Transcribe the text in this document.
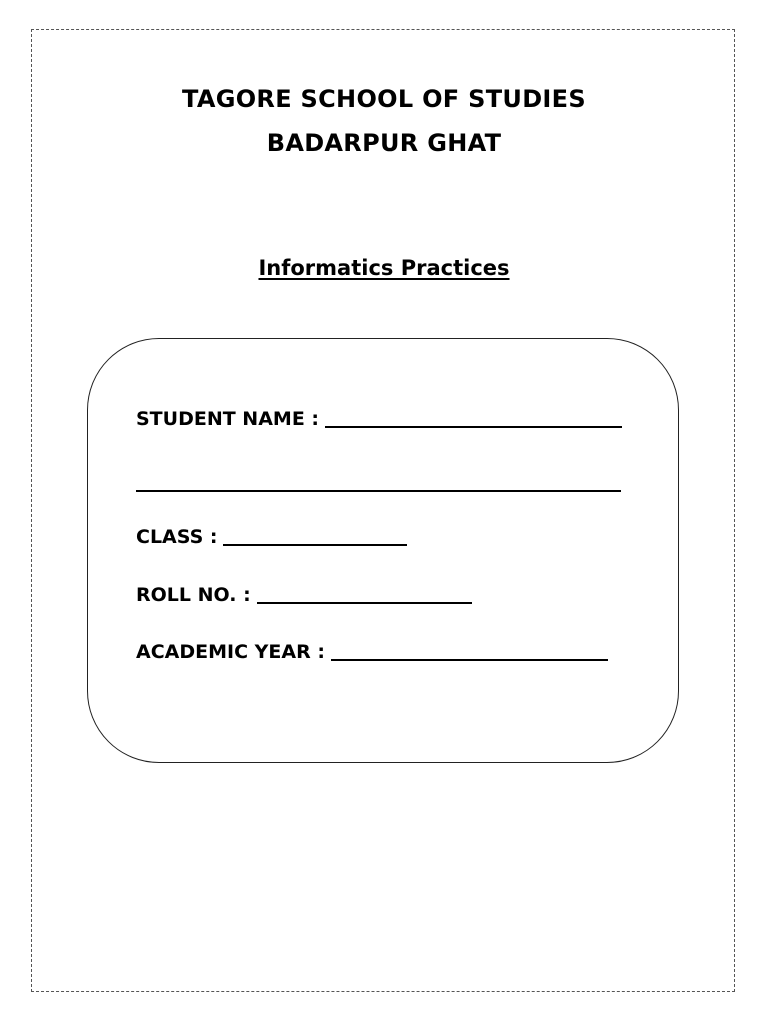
TAGORE SCHOOL OF STUDIES
BADARPUR GHAT
Informatics Practices
STUDENT NAME :
CLASS :
ROLL NO. :
ACADEMIC YEAR :
